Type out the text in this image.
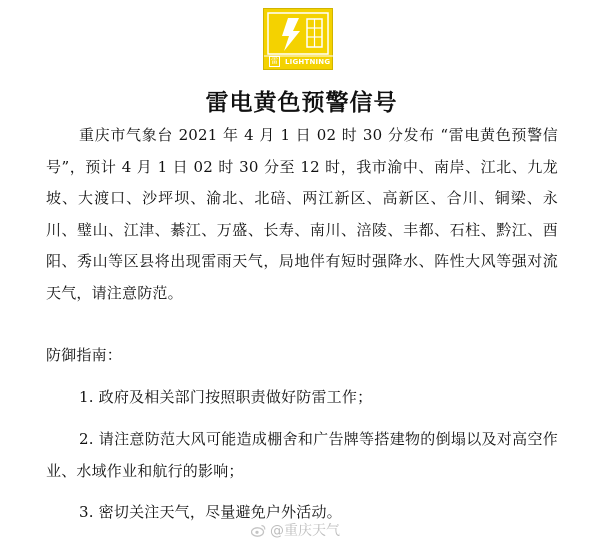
雷 LIGHTNING
雷电黄色预警信号
重庆市气象台 2021 年 4 月 1 日 02 时 30 分发布 “雷电黄色预警信号”，预计 4 月 1 日 02 时 30 分至 12 时，我市渝中、南岸、江北、九龙坡、大渡口、沙坪坝、渝北、北碚、两江新区、高新区、合川、铜梁、永川、璧山、江津、綦江、万盛、长寿、南川、涪陵、丰都、石柱、黔江、酉阳、秀山等区县将出现雷雨天气，局地伴有短时强降水、阵性大风等强对流天气，请注意防范。
防御指南：
1. 政府及相关部门按照职责做好防雷工作；
2. 请注意防范大风可能造成棚舍和广告牌等搭建物的倒塌以及对高空作业、水域作业和航行的影响；
3. 密切关注天气，尽量避免户外活动。
@重庆天气
